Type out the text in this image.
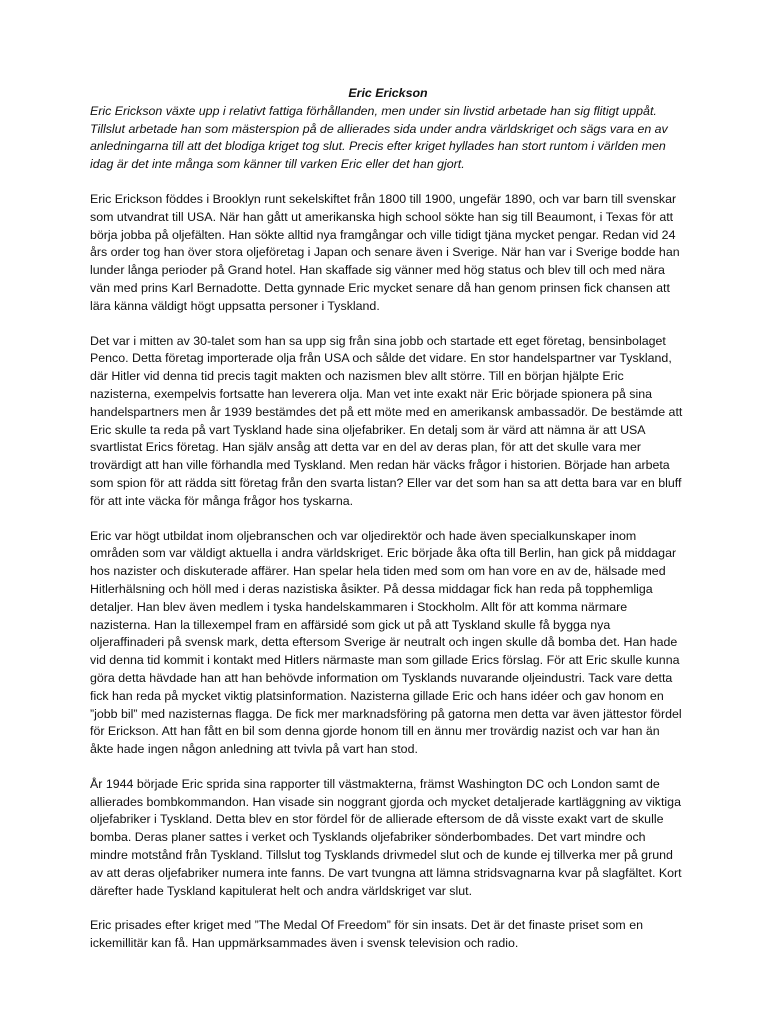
Eric Erickson

Eric Erickson växte upp i relativt fattiga förhållanden, men under sin livstid arbetade han sig flitigt uppåt. Tillslut arbetade han som mästerspion på de allierades sida under andra världskriget och sägs vara en av anledningarna till att det blodiga kriget tog slut. Precis efter kriget hyllades han stort runtom i världen men idag är det inte många som känner till varken Eric eller det han gjort.

Eric Erickson föddes i Brooklyn runt sekelskiftet från 1800 till 1900, ungefär 1890, och var barn till svenskar som utvandrat till USA. När han gått ut amerikanska high school sökte han sig till Beaumont, i Texas för att börja jobba på oljefälten. Han sökte alltid nya framgångar och ville tidigt tjäna mycket pengar. Redan vid 24 års order tog han över stora oljeföretag i Japan och senare även i Sverige. När han var i Sverige bodde han lunder långa perioder på Grand hotel. Han skaffade sig vänner med hög status och blev till och med nära vän med prins Karl Bernadotte. Detta gynnade Eric mycket senare då han genom prinsen fick chansen att lära känna väldigt högt uppsatta personer i Tyskland.

Det var i mitten av 30-talet som han sa upp sig från sina jobb och startade ett eget företag, bensinbolaget Penco. Detta företag importerade olja från USA och sålde det vidare. En stor handelspartner var Tyskland, där Hitler vid denna tid precis tagit makten och nazismen blev allt större. Till en början hjälpte Eric nazisterna, exempelvis fortsatte han leverera olja. Man vet inte exakt när Eric började spionera på sina handelspartners men år 1939 bestämdes det på ett möte med en amerikansk ambassadör. De bestämde att Eric skulle ta reda på vart Tyskland hade sina oljefabriker. En detalj som är värd att nämna är att USA svartlistat Erics företag. Han själv ansåg att detta var en del av deras plan, för att det skulle vara mer trovärdigt att han ville förhandla med Tyskland. Men redan här väcks frågor i historien. Började han arbeta som spion för att rädda sitt företag från den svarta listan? Eller var det som han sa att detta bara var en bluff för att inte väcka för många frågor hos tyskarna.

Eric var högt utbildat inom oljebranschen och var oljedirektör och hade även specialkunskaper inom områden som var väldigt aktuella i andra världskriget. Eric började åka ofta till Berlin, han gick på middagar hos nazister och diskuterade affärer. Han spelar hela tiden med som om han vore en av de, hälsade med Hitlerhälsning och höll med i deras nazistiska åsikter. På dessa middagar fick han reda på topphemliga detaljer. Han blev även medlem i tyska handelskammaren i Stockholm. Allt för att komma närmare nazisterna. Han la tillexempel fram en affärsidé som gick ut på att Tyskland skulle få bygga nya oljeraffinaderi på svensk mark, detta eftersom Sverige är neutralt och ingen skulle då bomba det. Han hade vid denna tid kommit i kontakt med Hitlers närmaste man som gillade Erics förslag. För att Eric skulle kunna göra detta hävdade han att han behövde information om Tysklands nuvarande oljeindustri. Tack vare detta fick han reda på mycket viktig platsinformation. Nazisterna gillade Eric och hans idéer och gav honom en ”jobb bil” med nazisternas flagga. De fick mer marknadsföring på gatorna men detta var även jättestor fördel för Erickson. Att han fått en bil som denna gjorde honom till en ännu mer trovärdig nazist och var han än åkte hade ingen någon anledning att tvivla på vart han stod.

År 1944 började Eric sprida sina rapporter till västmakterna, främst Washington DC och London samt de allierades bombkommandon. Han visade sin noggrant gjorda och mycket detaljerade kartläggning av viktiga oljefabriker i Tyskland. Detta blev en stor fördel för de allierade eftersom de då visste exakt vart de skulle bomba. Deras planer sattes i verket och Tysklands oljefabriker sönderbombades. Det vart mindre och mindre motstånd från Tyskland. Tillslut tog Tysklands drivmedel slut och de kunde ej tillverka mer på grund av att deras oljefabriker numera inte fanns. De vart tvungna att lämna stridsvagnarna kvar på slagfältet. Kort därefter hade Tyskland kapitulerat helt och andra världskriget var slut.

Eric prisades efter kriget med ”The Medal Of Freedom” för sin insats. Det är det finaste priset som en ickemillitär kan få. Han uppmärksammades även i svensk television och radio.
